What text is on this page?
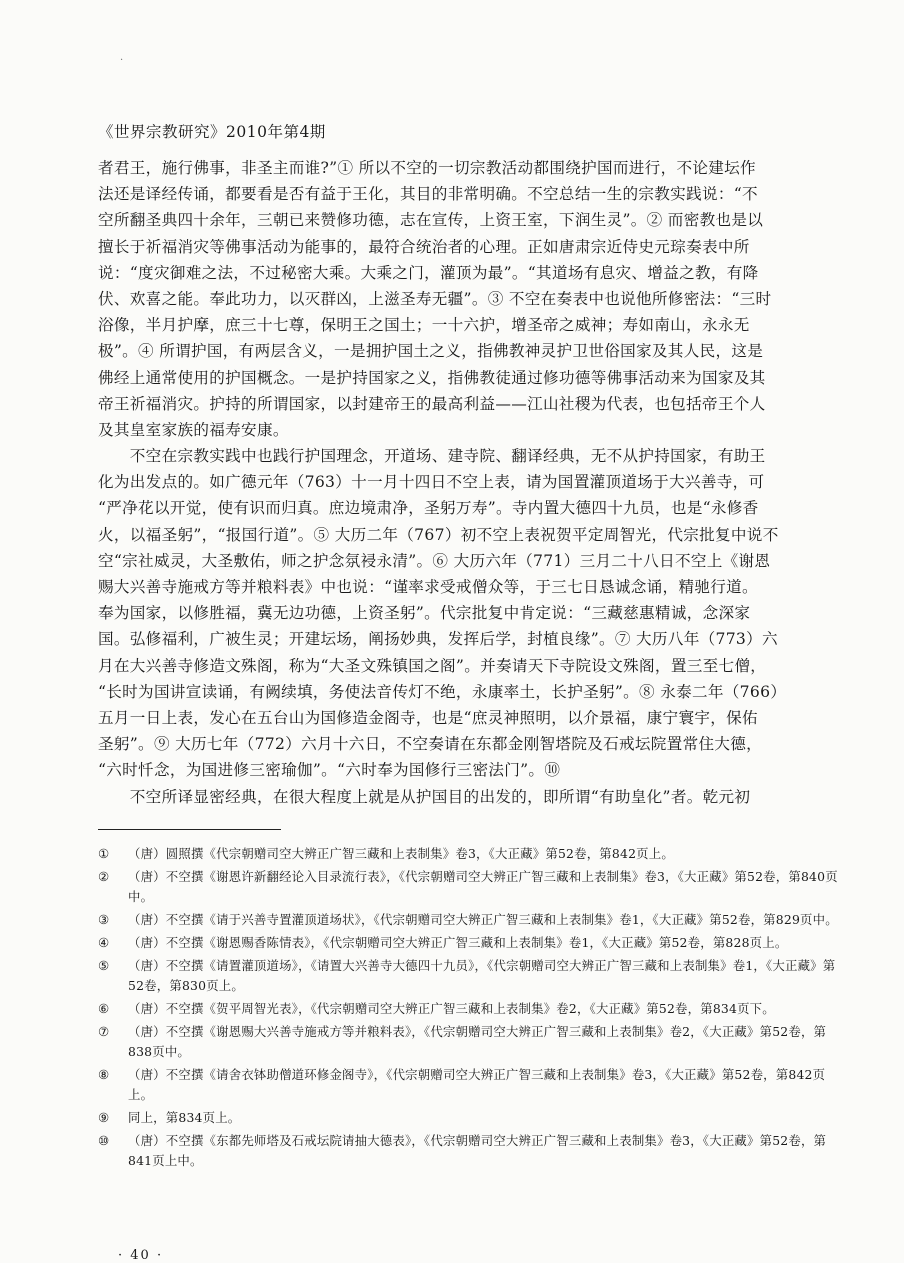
·
《世界宗教研究》2010年第4期
者君王，施行佛事，非圣主而谁?”① 所以不空的一切宗教活动都围绕护国而进行，不论建坛作
法还是译经传诵，都要看是否有益于王化，其目的非常明确。不空总结一生的宗教实践说：“不
空所翻圣典四十余年，三朝已来赞修功德，志在宣传，上资王室，下润生灵”。② 而密教也是以
擅长于祈福消灾等佛事活动为能事的，最符合统治者的心理。正如唐肃宗近侍史元琮奏表中所
说：“度灾御难之法，不过秘密大乘。大乘之门，灌顶为最”。“其道场有息灾、增益之教，有降
伏、欢喜之能。奉此功力，以灭群凶，上滋圣寿无疆”。③ 不空在奏表中也说他所修密法：“三时
浴像，半月护摩，庶三十七尊，保明王之国土；一十六护，增圣帝之威神；寿如南山，永永无
极”。④ 所谓护国，有两层含义，一是拥护国土之义，指佛教神灵护卫世俗国家及其人民，这是
佛经上通常使用的护国概念。一是护持国家之义，指佛教徒通过修功德等佛事活动来为国家及其
帝王祈福消灾。护持的所谓国家，以封建帝王的最高利益——江山社稷为代表，也包括帝王个人
及其皇室家族的福寿安康。
　　不空在宗教实践中也践行护国理念，开道场、建寺院、翻译经典，无不从护持国家，有助王
化为出发点的。如广德元年（763）十一月十四日不空上表，请为国置灌顶道场于大兴善寺，可
“严净花以开觉，使有识而归真。庶边境肃净，圣躬万寿”。寺内置大德四十九员，也是“永修香
火，以福圣躬”，“报国行道”。⑤ 大历二年（767）初不空上表祝贺平定周智光，代宗批复中说不
空“宗社威灵，大圣敷佑，师之护念氛祲永清”。⑥ 大历六年（771）三月二十八日不空上《谢恩
赐大兴善寺施戒方等并粮料表》中也说：“谨率求受戒僧众等，于三七日恳诚念诵，精驰行道。
奉为国家，以修胜福，冀无边功德，上资圣躬”。代宗批复中肯定说：“三藏慈惠精诚，念深家
国。弘修福利，广被生灵；开建坛场，阐扬妙典，发挥后学，封植良缘”。⑦ 大历八年（773）六
月在大兴善寺修造文殊阁，称为“大圣文殊镇国之阁”。并奏请天下寺院设文殊阁，置三至七僧，
“长时为国讲宣读诵，有阙续填，务使法音传灯不绝，永康率土，长护圣躬”。⑧ 永泰二年（766）
五月一日上表，发心在五台山为国修造金阁寺，也是“庶灵神照明，以介景福，康宁寰宇，保佑
圣躬”。⑨ 大历七年（772）六月十六日，不空奏请在东都金刚智塔院及石戒坛院置常住大德，
“六时忏念，为国进修三密瑜伽”。“六时奉为国修行三密法门”。⑩
　　不空所译显密经典，在很大程度上就是从护国目的出发的，即所谓“有助皇化”者。乾元初
①	（唐）圆照撰《代宗朝赠司空大辨正广智三藏和上表制集》卷3，《大正藏》第52卷，第842页上。
②	（唐）不空撰《谢恩许新翻经论入目录流行表》，《代宗朝赠司空大辨正广智三藏和上表制集》卷3，《大正藏》第52卷，第840页中。
③	（唐）不空撰《请于兴善寺置灌顶道场状》，《代宗朝赠司空大辨正广智三藏和上表制集》卷1，《大正藏》第52卷，第829页中。
④	（唐）不空撰《谢恩赐香陈情表》，《代宗朝赠司空大辨正广智三藏和上表制集》卷1，《大正藏》第52卷，第828页上。
⑤	（唐）不空撰《请置灌顶道场》，《请置大兴善寺大德四十九员》，《代宗朝赠司空大辨正广智三藏和上表制集》卷1，《大正藏》第52卷，第830页上。
⑥	（唐）不空撰《贺平周智光表》，《代宗朝赠司空大辨正广智三藏和上表制集》卷2，《大正藏》第52卷，第834页下。
⑦	（唐）不空撰《谢恩赐大兴善寺施戒方等并粮料表》，《代宗朝赠司空大辨正广智三藏和上表制集》卷2，《大正藏》第52卷，第838页中。
⑧	（唐）不空撰《请舍衣钵助僧道环修金阁寺》，《代宗朝赠司空大辨正广智三藏和上表制集》卷3，《大正藏》第52卷，第842页上。
⑨	同上，第834页上。
⑩	（唐）不空撰《东都先师塔及石戒坛院请抽大德表》，《代宗朝赠司空大辨正广智三藏和上表制集》卷3，《大正藏》第52卷，第841页上中。
· 40 ·
